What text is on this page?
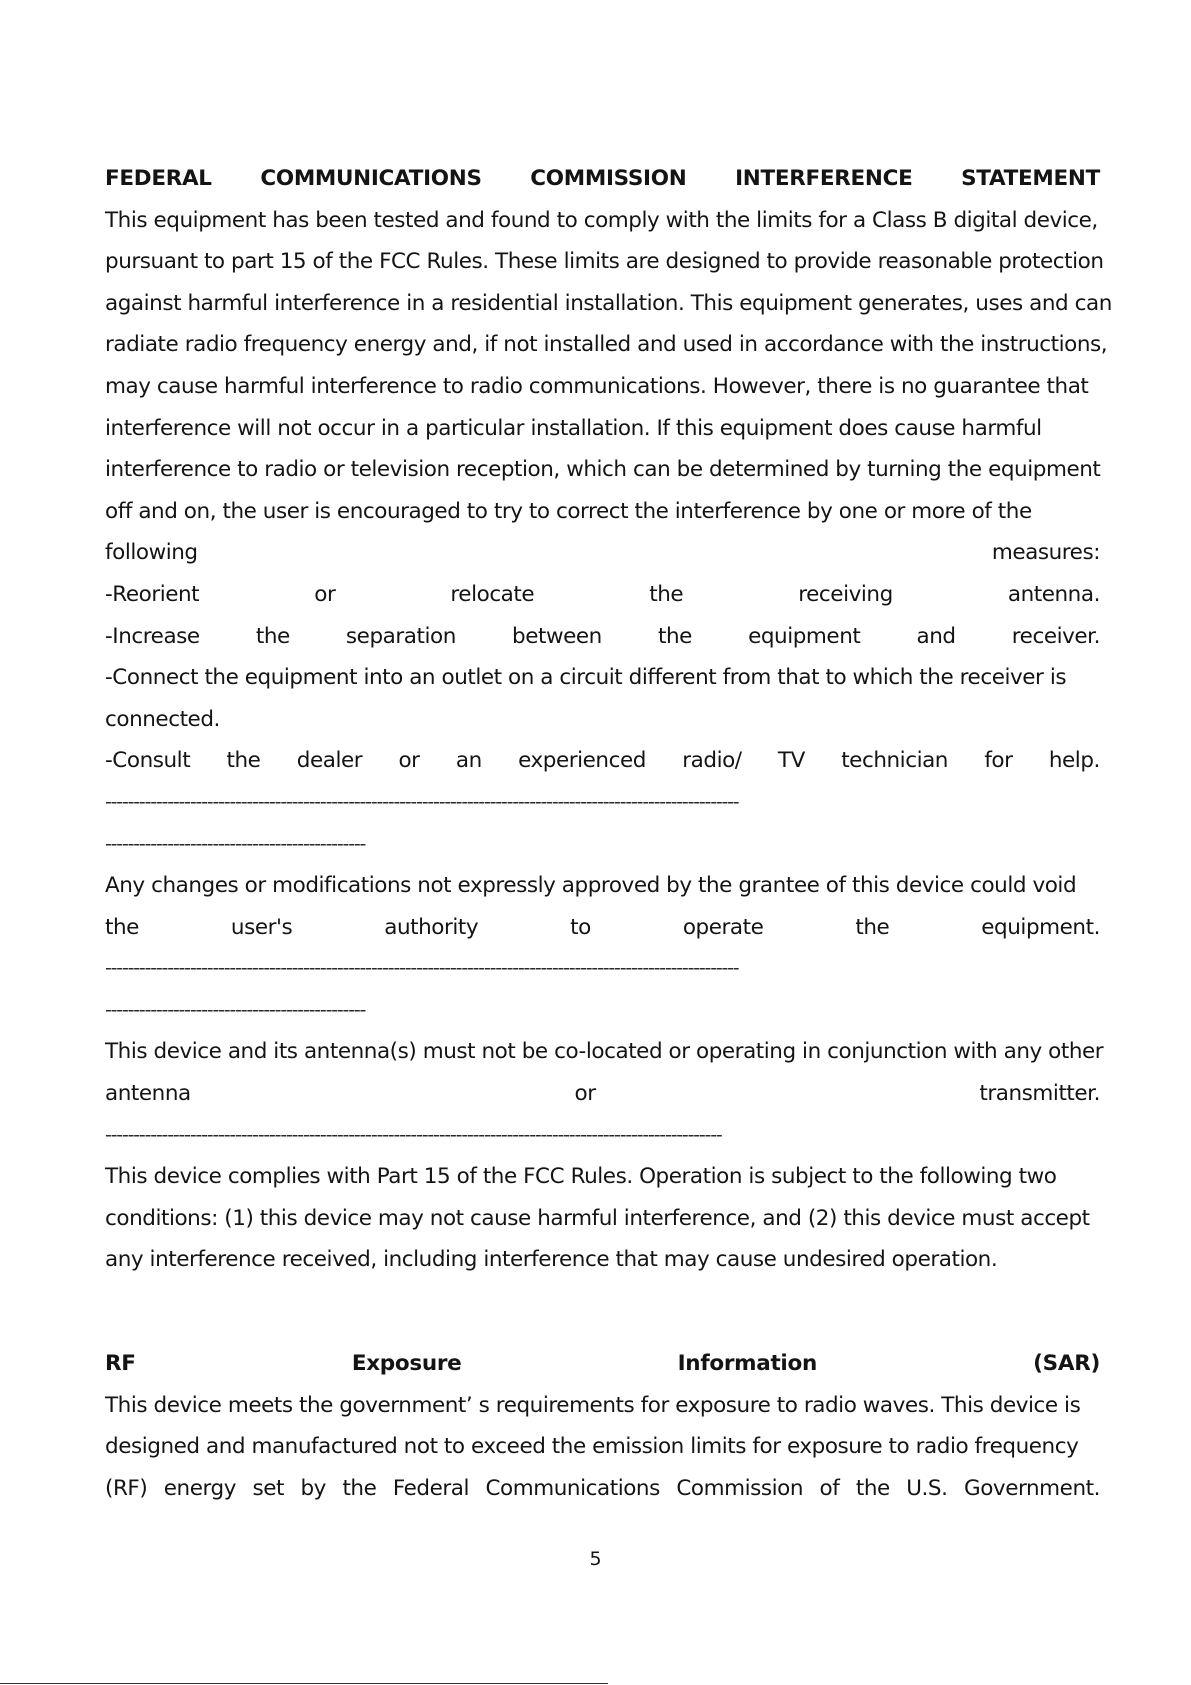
FEDERAL COMMUNICATIONS COMMISSION INTERFERENCE STATEMENT
This equipment has been tested and found to comply with the limits for a Class B digital device,
pursuant to part 15 of the FCC Rules. These limits are designed to provide reasonable protection
against harmful interference in a residential installation. This equipment generates, uses and can
radiate radio frequency energy and, if not installed and used in accordance with the instructions,
may cause harmful interference to radio communications. However, there is no guarantee that
interference will not occur in a particular installation. If this equipment does cause harmful
interference to radio or television reception, which can be determined by turning the equipment
off and on, the user is encouraged to try to correct the interference by one or more of the
following	measures:
-Reorient	or	relocate	the	receiving	antenna.
-Increase	the	separation	between	the	equipment	and	receiver.
-Connect the equipment into an outlet on a circuit different from that to which the receiver is
connected.
-Consult the dealer or an experienced radio/ TV technician for help.
----------------------------------------------------------------------------------------------------------------
----------------------------------------------
Any changes or modifications not expressly approved by the grantee of this device could void
the	user's	authority	to	operate	the	equipment.
----------------------------------------------------------------------------------------------------------------
----------------------------------------------
This device and its antenna(s) must not be co-located or operating in conjunction with any other
antenna	or	transmitter.
-------------------------------------------------------------------------------------------------------------
This device complies with Part 15 of the FCC Rules. Operation is subject to the following two
conditions: (1) this device may not cause harmful interference, and (2) this device must accept
any interference received, including interference that may cause undesired operation.
RF	Exposure	Information	(SAR)
This device meets the government’ s requirements for exposure to radio waves. This device is
designed and manufactured not to exceed the emission limits for exposure to radio frequency
(RF) energy set by the Federal Communications Commission of the U.S. Government.
5
